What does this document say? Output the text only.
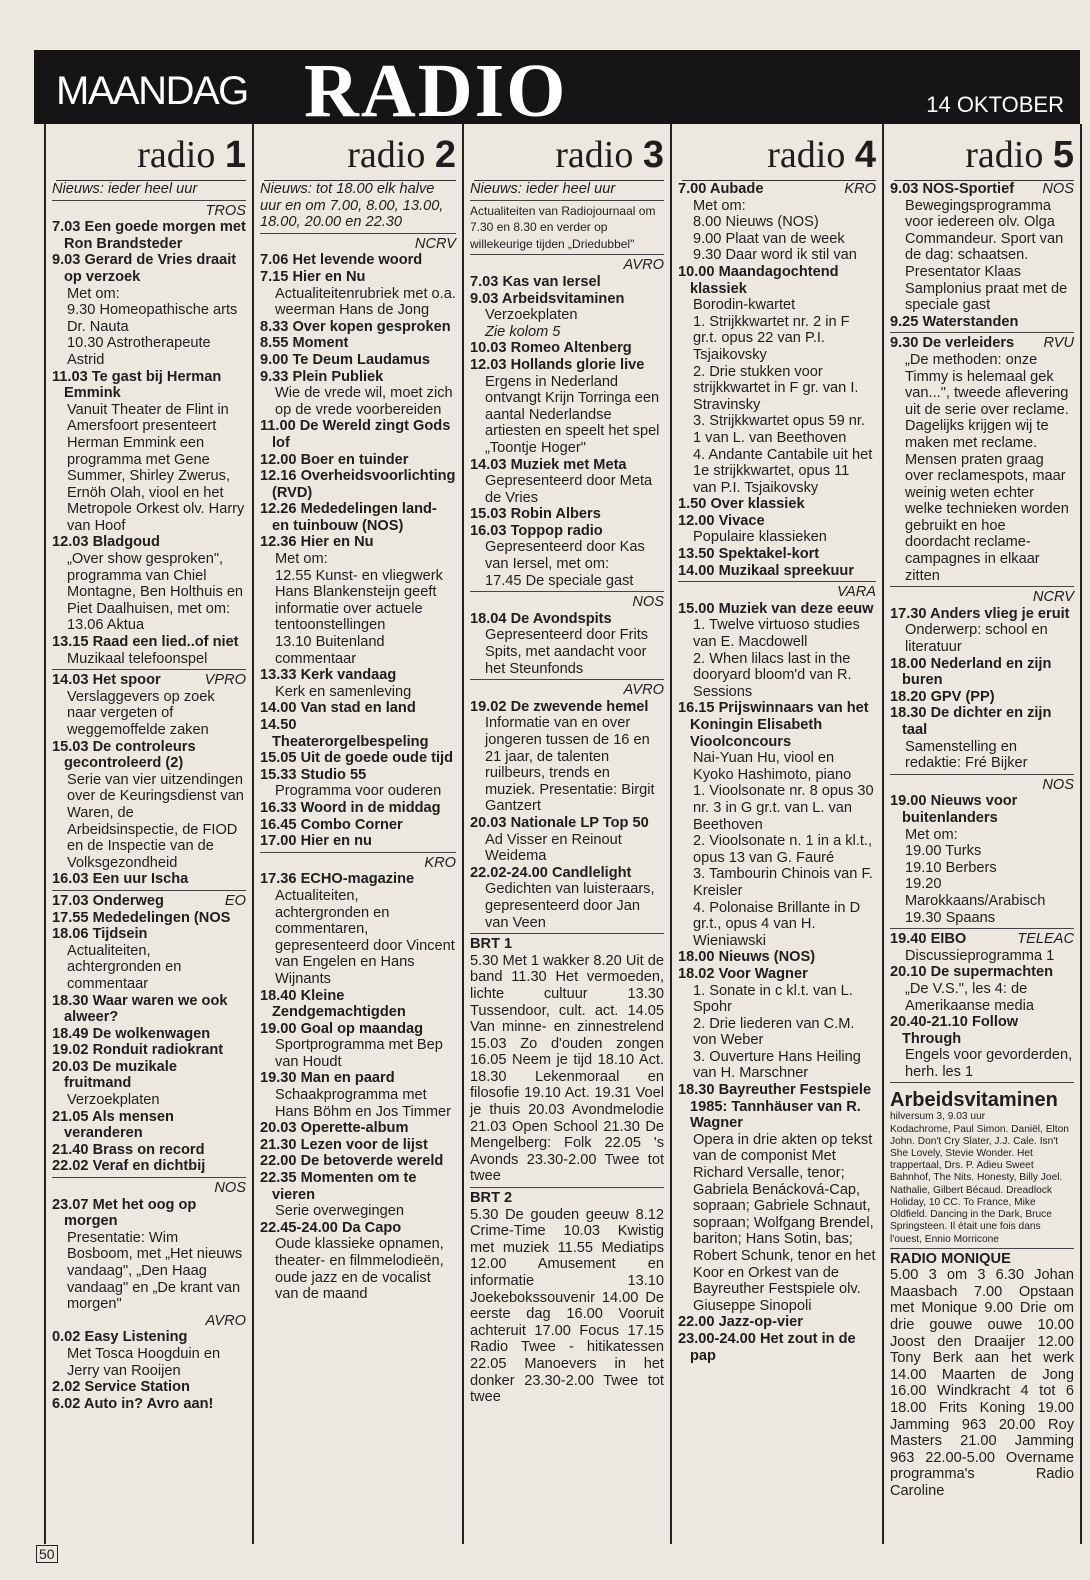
MAANDAG RADIO	14 OKTOBER
radio 1
Nieuws: ieder heel uur
TROS
7.03 Een goede morgen met Ron Brandsteder
9.03 Gerard de Vries draait op verzoek
Met om:
9.30 Homeopathische arts Dr. Nauta
10.30 Astrotherapeute Astrid
11.03 Te gast bij Herman Emmink
Vanuit Theater de Flint in Amersfoort presenteert Herman Emmink een programma met Gene Summer, Shirley Zwerus, Ernöh Olah, viool en het Metropole Orkest olv. Harry van Hoof
12.03 Bladgoud
„Over show gesproken", programma van Chiel Montagne, Ben Holthuis en Piet Daalhuisen, met om:
13.06 Aktua
13.15 Raad een lied..of niet
Muzikaal telefoonspel
14.03 Het spoor	VPRO
Verslaggevers op zoek naar vergeten of weggemoffelde zaken
15.03 De controleurs gecontroleerd (2)
Serie van vier uitzendingen over de Keuringsdienst van Waren, de Arbeidsinspectie, de FIOD en de Inspectie van de Volksgezondheid
16.03 Een uur Ischa
17.03 Onderweg	EO
17.55 Mededelingen (NOS
18.06 Tijdsein
Actualiteiten, achtergronden en commentaar
18.30 Waar waren we ook alweer?
18.49 De wolkenwagen
19.02 Ronduit radiokrant
20.03 De muzikale fruitmand
Verzoekplaten
21.05 Als mensen veranderen
21.40 Brass on record
22.02 Veraf en dichtbij
NOS
23.07 Met het oog op morgen
Presentatie: Wim Bosboom, met „Het nieuws vandaag", „Den Haag vandaag" en „De krant van morgen"
AVRO
0.02 Easy Listening
Met Tosca Hoogduin en Jerry van Rooijen
2.02 Service Station
6.02 Auto in? Avro aan!
radio 2
Nieuws: tot 18.00 elk halve uur en om 7.00, 8.00, 13.00, 18.00, 20.00 en 22.30
NCRV
7.06 Het levende woord
7.15 Hier en Nu
Actualiteitenrubriek met o.a. weerman Hans de Jong
8.33 Over kopen gesproken
8.55 Moment
9.00 Te Deum Laudamus
9.33 Plein Publiek
Wie de vrede wil, moet zich op de vrede voorbereiden
11.00 De Wereld zingt Gods lof
12.00 Boer en tuinder
12.16 Overheidsvoorlichting (RVD)
12.26 Mededelingen land- en tuinbouw (NOS)
12.36 Hier en Nu
Met om:
12.55 Kunst- en vliegwerk Hans Blankensteijn geeft informatie over actuele tentoonstellingen
13.10 Buitenland commentaar
13.33 Kerk vandaag
Kerk en samenleving
14.00 Van stad en land
14.50 Theaterorgelbespeling
15.05 Uit de goede oude tijd
15.33 Studio 55
Programma voor ouderen
16.33 Woord in de middag
16.45 Combo Corner
17.00 Hier en nu
KRO
17.36 ECHO-magazine
Actualiteiten, achtergronden en commentaren, gepresenteerd door Vincent van Engelen en Hans Wijnants
18.40 Kleine Zendgemachtigden
19.00 Goal op maandag
Sportprogramma met Bep van Houdt
19.30 Man en paard
Schaakprogramma met Hans Böhm en Jos Timmer
20.03 Operette-album
21.30 Lezen voor de lijst
22.00 De betoverde wereld
22.35 Momenten om te vieren
Serie overwegingen
22.45-24.00 Da Capo
Oude klassieke opnamen, theater- en filmmelodieën, oude jazz en de vocalist van de maand
radio 3
Nieuws: ieder heel uur
Actualiteiten van Radiojournaal om 7.30 en 8.30 en verder op willekeurige tijden „Driedubbel"
AVRO
7.03 Kas van Iersel
9.03 Arbeidsvitaminen
Verzoekplaten
Zie kolom 5
10.03 Romeo Altenberg
12.03 Hollands glorie live
Ergens in Nederland ontvangt Krijn Torringa een aantal Nederlandse artiesten en speelt het spel „Toontje Hoger"
14.03 Muziek met Meta
Gepresenteerd door Meta de Vries
15.03 Robin Albers
16.03 Toppop radio
Gepresenteerd door Kas van Iersel, met om:
17.45 De speciale gast
NOS
18.04 De Avondspits
Gepresenteerd door Frits Spits, met aandacht voor het Steunfonds
AVRO
19.02 De zwevende hemel
Informatie van en over jongeren tussen de 16 en 21 jaar, de talenten ruilbeurs, trends en muziek. Presentatie: Birgit Gantzert
20.03 Nationale LP Top 50
Ad Visser en Reinout Weidema
22.02-24.00 Candlelight
Gedichten van luisteraars, gepresenteerd door Jan van Veen
BRT 1
5.30 Met 1 wakker 8.20 Uit de band 11.30 Het vermoeden, lichte cultuur 13.30 Tussendoor, cult. act. 14.05 Van minne- en zinnestrelend 15.03 Zo d'ouden zongen 16.05 Neem je tijd 18.10 Act. 18.30 Lekenmoraal en filosofie 19.10 Act. 19.31 Voel je thuis 20.03 Avondmelodie 21.03 Open School 21.30 De Mengelberg: Folk 22.05 's Avonds 23.30-2.00 Twee tot twee
BRT 2
5.30 De gouden geeuw 8.12 Crime-Time 10.03 Kwistig met muziek 11.55 Mediatips 12.00 Amusement en informatie 13.10 Joekebokssouvenir 14.00 De eerste dag 16.00 Vooruit achteruit 17.00 Focus 17.15 Radio Twee - hitikatessen 22.05 Manoevers in het donker 23.30-2.00 Twee tot twee
radio 4
7.00 Aubade	KRO
Met om:
8.00 Nieuws (NOS)
9.00 Plaat van de week
9.30 Daar word ik stil van
10.00 Maandagochtend klassiek
Borodin-kwartet
1. Strijkkwartet nr. 2 in F gr.t. opus 22 van P.I. Tsjaikovsky
2. Drie stukken voor strijkkwartet in F gr. van I. Stravinsky
3. Strijkkwartet opus 59 nr. 1 van L. van Beethoven
4. Andante Cantabile uit het 1e strijkkwartet, opus 11 van P.I. Tsjaikovsky
1.50 Over klassiek
12.00 Vivace
Populaire klassieken
13.50 Spektakel-kort
14.00 Muzikaal spreekuur
VARA
15.00 Muziek van deze eeuw
1. Twelve virtuoso studies van E. Macdowell
2. When lilacs last in the dooryard bloom'd van R. Sessions
16.15 Prijswinnaars van het Koningin Elisabeth Vioolconcours
Nai-Yuan Hu, viool en Kyoko Hashimoto, piano
1. Vioolsonate nr. 8 opus 30 nr. 3 in G gr.t. van L. van Beethoven
2. Vioolsonate n. 1 in a kl.t., opus 13 van G. Fauré
3. Tambourin Chinois van F. Kreisler
4. Polonaise Brillante in D gr.t., opus 4 van H. Wieniawski
18.00 Nieuws (NOS)
18.02 Voor Wagner
1. Sonate in c kl.t. van L. Spohr
2. Drie liederen van C.M. von Weber
3. Ouverture Hans Heiling van H. Marschner
18.30 Bayreuther Festspiele 1985: Tannhäuser van R. Wagner
Opera in drie akten op tekst van de componist Met Richard Versalle, tenor; Gabriela Benácková-Cap, sopraan; Gabriele Schnaut, sopraan; Wolfgang Brendel, bariton; Hans Sotin, bas; Robert Schunk, tenor en het Koor en Orkest van de Bayreuther Festspiele olv. Giuseppe Sinopoli
22.00 Jazz-op-vier
23.00-24.00 Het zout in de pap
radio 5
9.03 NOS-Sportief NOS
Bewegingsprogramma voor iedereen olv. Olga Commandeur. Sport van de dag: schaatsen. Presentator Klaas Samplonius praat met de speciale gast
9.25 Waterstanden
9.30 De verleiders RVU
„De methoden: onze Timmy is helemaal gek van...", tweede aflevering uit de serie over reclame. Dagelijks krijgen wij te maken met reclame. Mensen praten graag over reclamespots, maar weinig weten echter welke technieken worden gebruikt en hoe doordacht reclame-campagnes in elkaar zitten
NCRV
17.30 Anders vlieg je eruit
Onderwerp: school en literatuur
18.00 Nederland en zijn buren
18.20 GPV (PP)
18.30 De dichter en zijn taal
Samenstelling en redaktie: Fré Bijker
NOS
19.00 Nieuws voor buitenlanders
Met om:
19.00 Turks
19.10 Berbers
19.20 Marokkaans/Arabisch
19.30 Spaans
19.40 EIBO	TELEAC
Discussieprogramma 1
20.10 De supermachten
„De V.S.", les 4: de Amerikaanse media
20.40-21.10 Follow Through
Engels voor gevorderden, herh. les 1
Arbeidsvitaminen
hilversum 3, 9.03 uur
Kodachrome, Paul Simon. Daniël, Elton John. Don't Cry Slater, J.J. Cale. Isn't She Lovely, Stevie Wonder. Het trappertaal, Drs. P. Adieu Sweet Bahnhof, The Nits. Honesty, Billy Joel. Nathalie, Gilbert Bécaud. Dreadlock Holiday, 10 CC. To France, Mike Oldfield. Dancing in the Dark, Bruce Springsteen. Il était une fois dans l'ouest, Ennio Morricone
RADIO MONIQUE
5.00 3 om 3 6.30 Johan Maasbach 7.00 Opstaan met Monique 9.00 Drie om drie gouwe ouwe 10.00 Joost den Draaijer 12.00 Tony Berk aan het werk 14.00 Maarten de Jong 16.00 Windkracht 4 tot 6 18.00 Frits Koning 19.00 Jamming 963 20.00 Roy Masters 21.00 Jamming 963 22.00-5.00 Overname programma's Radio Caroline
50
